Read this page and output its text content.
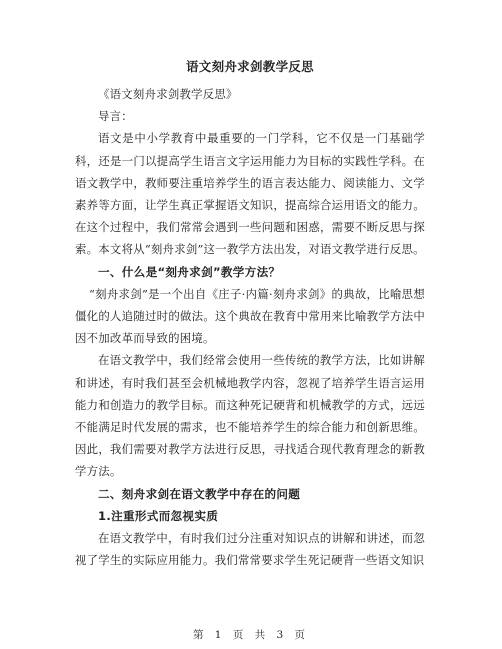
语文刻舟求剑教学反思

《语文刻舟求剑教学反思》

导言：

语文是中小学教育中最重要的一门学科，它不仅是一门基础学科，还是一门以提高学生语言文字运用能力为目标的实践性学科。在语文教学中，教师要注重培养学生的语言表达能力、阅读能力、文学素养等方面，让学生真正掌握语文知识，提高综合运用语文的能力。在这个过程中，我们常常会遇到一些问题和困惑，需要不断反思与探索。本文将从“刻舟求剑”这一教学方法出发，对语文教学进行反思。

一、什么是“刻舟求剑”教学方法？

“刻舟求剑”是一个出自《庄子·内篇·刻舟求剑》的典故，比喻思想僵化的人追随过时的做法。这个典故在教育中常用来比喻教学方法中因不加改革而导致的困境。

在语文教学中，我们经常会使用一些传统的教学方法，比如讲解和讲述，有时我们甚至会机械地教学内容，忽视了培养学生语言运用能力和创造力的教学目标。而这种死记硬背和机械教学的方式，远远不能满足时代发展的需求，也不能培养学生的综合能力和创新思维。因此，我们需要对教学方法进行反思，寻找适合现代教育理念的新教学方法。

二、刻舟求剑在语文教学中存在的问题

1.注重形式而忽视实质

在语文教学中，有时我们过分注重对知识点的讲解和讲述，而忽视了学生的实际应用能力。我们常常要求学生死记硬背一些语文知识

第 1 页 共 3 页
